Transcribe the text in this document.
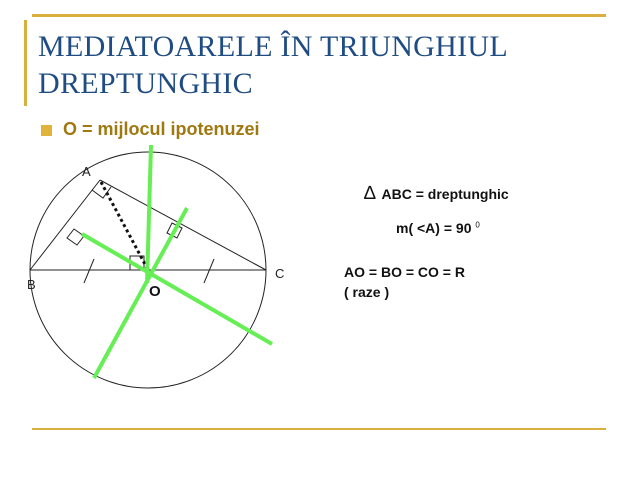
MEDIATOARELE ÎN TRIUNGHIUL
DREPTUNGHIC
O = mijlocul ipotenuzei
A
B
C
O
∆ ABC = dreptunghic
m( <A) = 90 $^0$
AO = BO = CO = R
( raze )
